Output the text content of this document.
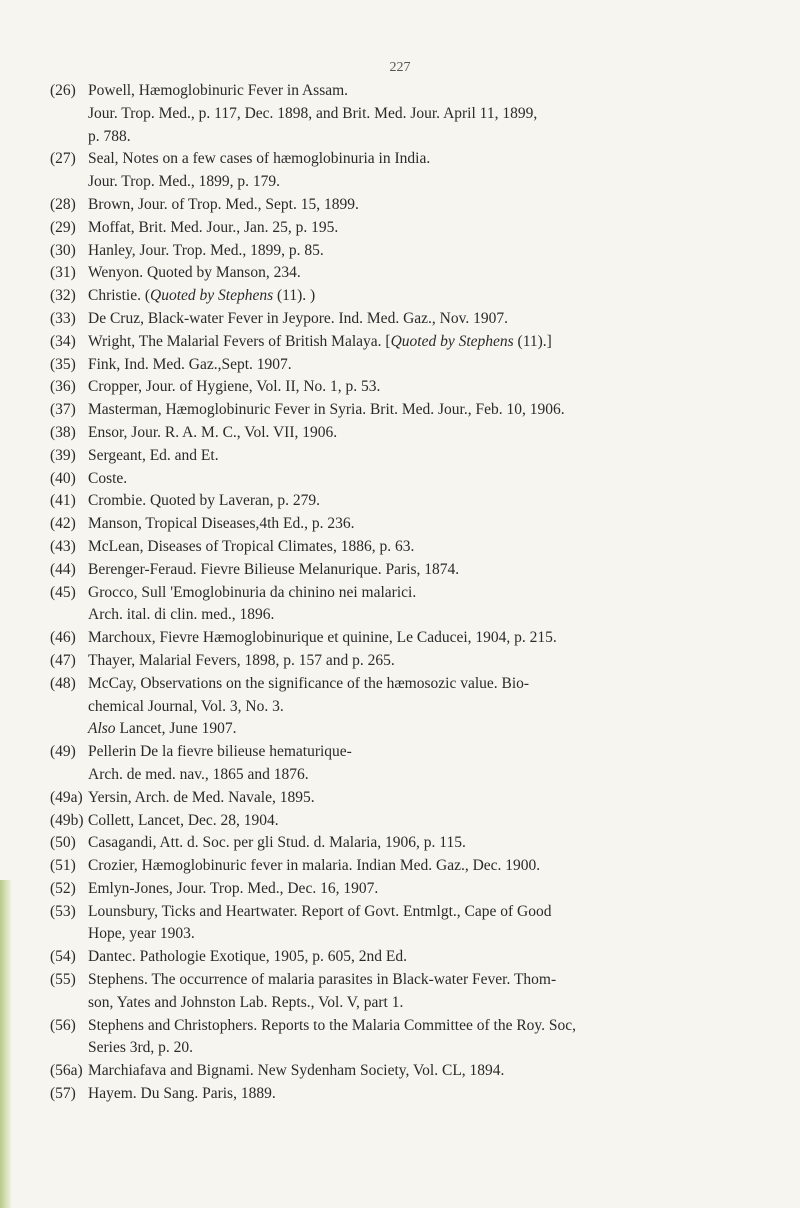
227
(26) Powell, Hæmoglobinuric Fever in Assam.
Jour. Trop. Med., p. 117, Dec. 1898, and Brit. Med. Jour. April 11, 1899,
p. 788.
(27) Seal, Notes on a few cases of hæmoglobinuria in India.
Jour. Trop. Med., 1899, p. 179.
(28) Brown, Jour. of Trop. Med., Sept. 15, 1899.
(29) Moffat, Brit. Med. Jour., Jan. 25, p. 195.
(30) Hanley, Jour. Trop. Med., 1899, p. 85.
(31) Wenyon. Quoted by Manson, 234.
(32) Christie. (Quoted by Stephens (11). )
(33) De Cruz, Black-water Fever in Jeypore. Ind. Med. Gaz., Nov. 1907.
(34) Wright, The Malarial Fevers of British Malaya. [Quoted by Stephens (11).]
(35) Fink, Ind. Med. Gaz.,Sept. 1907.
(36) Cropper, Jour. of Hygiene, Vol. II, No. 1, p. 53.
(37) Masterman, Hæmoglobinuric Fever in Syria. Brit. Med. Jour., Feb. 10, 1906.
(38) Ensor, Jour. R. A. M. C., Vol. VII, 1906.
(39) Sergeant, Ed. and Et.
(40) Coste.
(41) Crombie. Quoted by Laveran, p. 279.
(42) Manson, Tropical Diseases,4th Ed., p. 236.
(43) McLean, Diseases of Tropical Climates, 1886, p. 63.
(44) Berenger-Feraud. Fievre Bilieuse Melanurique. Paris, 1874.
(45) Grocco, Sull 'Emoglobinuria da chinino nei malarici.
Arch. ital. di clin. med., 1896.
(46) Marchoux, Fievre Hæmoglobinurique et quinine, Le Caducei, 1904, p. 215.
(47) Thayer, Malarial Fevers, 1898, p. 157 and p. 265.
(48) McCay, Observations on the significance of the hæmosozic value. Bio-
chemical Journal, Vol. 3, No. 3.
Also Lancet, June 1907.
(49) Pellerin De la fievre bilieuse hematurique-
Arch. de med. nav., 1865 and 1876.
(49a) Yersin, Arch. de Med. Navale, 1895.
(49b) Collett, Lancet, Dec. 28, 1904.
(50) Casagandi, Att. d. Soc. per gli Stud. d. Malaria, 1906, p. 115.
(51) Crozier, Hæmoglobinuric fever in malaria. Indian Med. Gaz., Dec. 1900.
(52) Emlyn-Jones, Jour. Trop. Med., Dec. 16, 1907.
(53) Lounsbury, Ticks and Heartwater. Report of Govt. Entmlgt., Cape of Good
Hope, year 1903.
(54) Dantec. Pathologie Exotique, 1905, p. 605, 2nd Ed.
(55) Stephens. The occurrence of malaria parasites in Black-water Fever. Thom-
son, Yates and Johnston Lab. Repts., Vol. V, part 1.
(56) Stephens and Christophers. Reports to the Malaria Committee of the Roy. Soc,
Series 3rd, p. 20.
(56a) Marchiafava and Bignami. New Sydenham Society, Vol. CL, 1894.
(57) Hayem. Du Sang. Paris, 1889.
